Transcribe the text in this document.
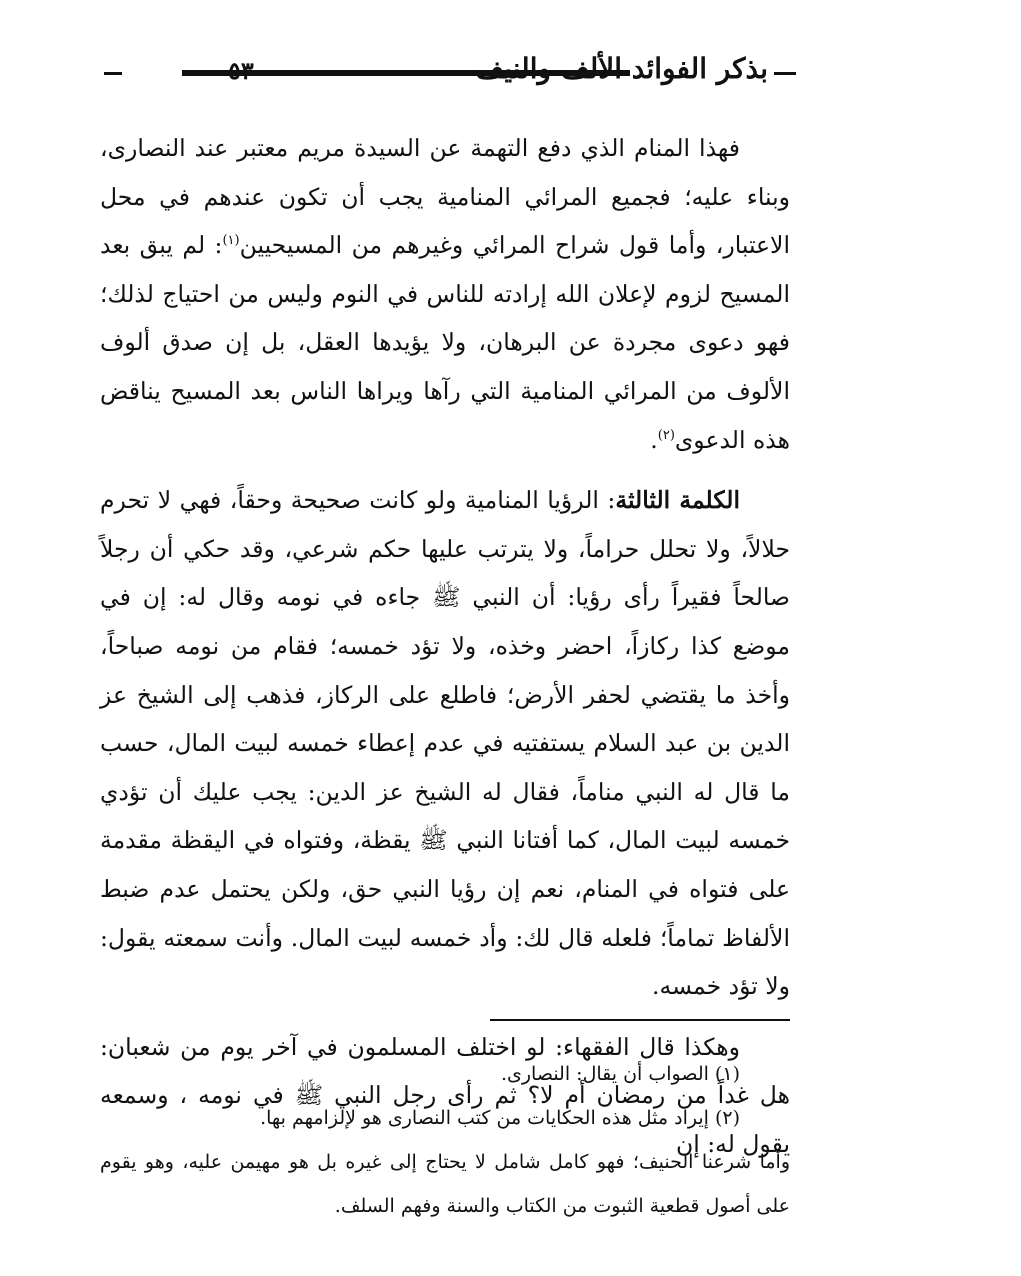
بذكر الفوائد الألف والنيف

فهذا المنام الذي دفع التهمة عن السيدة مريم معتبر عند النصارى، وبناء عليه؛ فجميع المرائي المنامية يجب أن تكون عندهم في محل الاعتبار، وأما قول شراح المرائي وغيرهم من المسيحيين$^{(١)}$: لم يبق بعد المسيح لزوم لإعلان الله إرادته للناس في النوم وليس من احتياج لذلك؛ فهو دعوى مجردة عن البرهان، ولا يؤيدها العقل، بل إن صدق ألوف الألوف من المرائي المنامية التي رآها ويراها الناس بعد المسيح يناقض هذه الدعوى$^{(٢)}$.

الكلمة الثالثة: الرؤيا المنامية ولو كانت صحيحة وحقاً، فهي لا تحرم حلالاً، ولا تحلل حراماً، ولا يترتب عليها حكم شرعي، وقد حكي أن رجلاً صالحاً فقيراً رأى رؤيا: أن النبي ﷺ جاءه في نومه وقال له: إن في موضع كذا ركازاً، احضر وخذه، ولا تؤد خمسه؛ فقام من نومه صباحاً، وأخذ ما يقتضي لحفر الأرض؛ فاطلع على الركاز، فذهب إلى الشيخ عز الدين بن عبد السلام يستفتيه في عدم إعطاء خمسه لبيت المال، حسب ما قال له النبي مناماً، فقال له الشيخ عز الدين: يجب عليك أن تؤدي خمسه لبيت المال، كما أفتانا النبي ﷺ يقظة، وفتواه في اليقظة مقدمة على فتواه في المنام، نعم إن رؤيا النبي حق، ولكن يحتمل عدم ضبط الألفاظ تماماً؛ فلعله قال لك: وأد خمسه لبيت المال. وأنت سمعته يقول: ولا تؤد خمسه.

وهكذا قال الفقهاء: لو اختلف المسلمون في آخر يوم من شعبان: هل غداً من رمضان أم لا؟ ثم رأى رجل النبي ﷺ في نومه ، وسمعه يقول له: إن

(١) الصواب أن يقال: النصارى.

(٢) إيراد مثل هذه الحكايات من كتب النصارى هو لإلزامهم بها.

وأما شرعنا الحنيف؛ فهو كامل شامل لا يحتاج إلى غيره بل هو مهيمن عليه، وهو يقوم على أصول قطعية الثبوت من الكتاب والسنة وفهم السلف.
